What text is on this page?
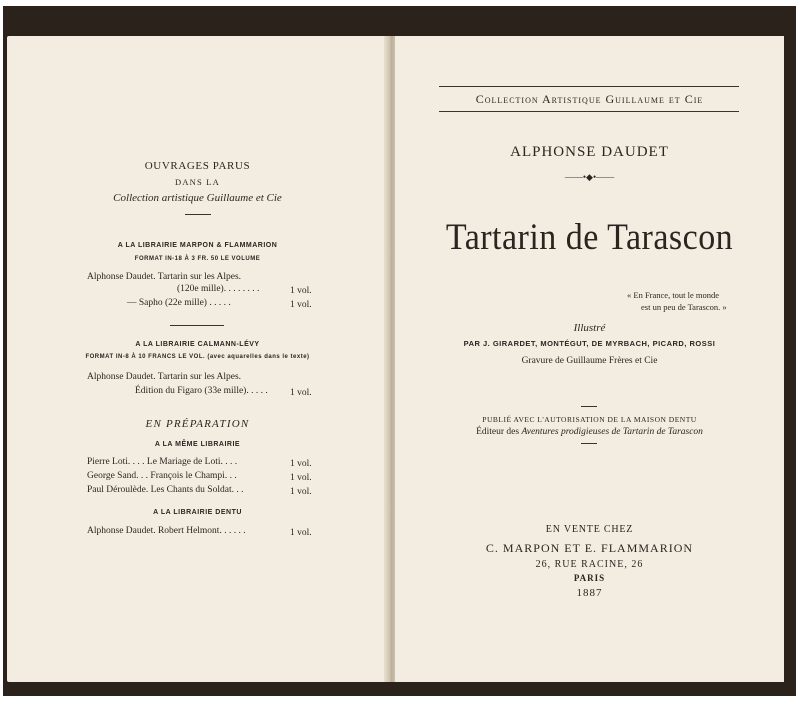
OUVRAGES PARUS
DANS LA
Collection artistique Guillaume et Cie
A LA LIBRAIRIE MARPON & FLAMMARION
FORMAT IN-18 À 3 FR. 50 LE VOLUME
Alphonse Daudet. Tartarin sur les Alpes.
(120e mille). . . . . . . .	1 vol.
— Sapho (22e mille) . . . . .	1 vol.
A LA LIBRAIRIE CALMANN-LÉVY
FORMAT IN-8 À 10 FRANCS LE VOL. (avec aquarelles dans le texte)
Alphonse Daudet. Tartarin sur les Alpes.
Édition du Figaro (33e mille). . . . . 1 vol.
EN PRÉPARATION
A LA MÊME LIBRAIRIE
Pierre Loti. . . . Le Mariage de Loti. . . .	1 vol.
George Sand. . . François le Champi. . .	1 vol.
Paul Déroulède. Les Chants du Soldat. . .	1 vol.
A LA LIBRAIRIE DENTU
Alphonse Daudet. Robert Helmont. . . . . .	1 vol.
Collection Artistique Guillaume et Cie
ALPHONSE DAUDET
——•◆•——
Tartarin de Tarascon
« En France, tout le monde
est un peu de Tarascon. »
Illustré
PAR J. GIRARDET, MONTÉGUT, DE MYRBACH, PICARD, ROSSI
Gravure de Guillaume Frères et Cie
PUBLIÉ AVEC L'AUTORISATION DE LA MAISON DENTU
Éditeur des Aventures prodigieuses de Tartarin de Tarascon
EN VENTE CHEZ
C. MARPON ET E. FLAMMARION
26, RUE RACINE, 26
PARIS
1887
